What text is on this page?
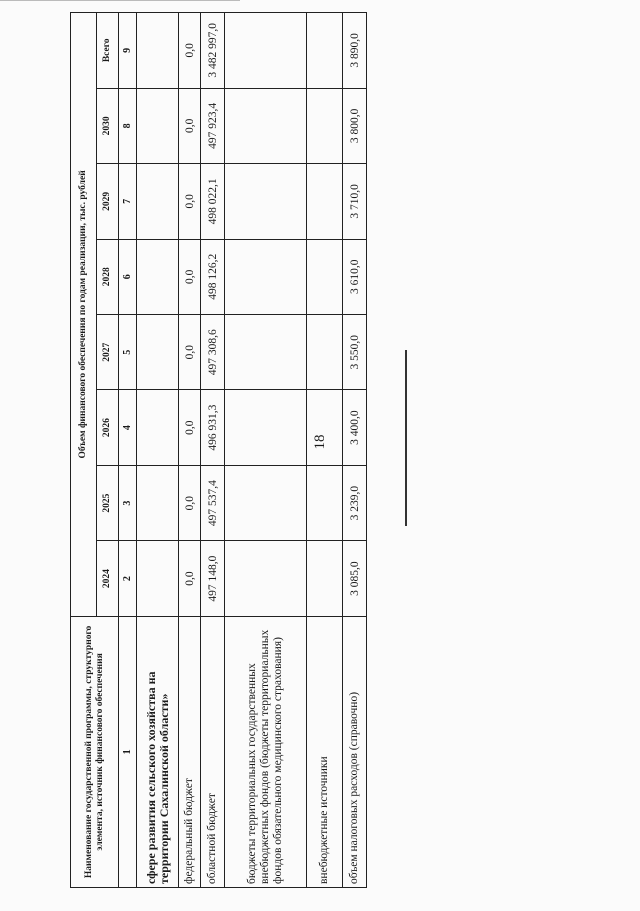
18
Наименование государственной программы, структурного элемента, источник финансового обеспечения	Объем финансового обеспечения по годам реализации, тыс. рублей							
	2024	2025	2026	2027	2028	2029	2030	Всего
1	2	3	4	5	6	7	8	9
сфере развития сельского хозяйства на территории Сахалинской области»								
федеральный бюджет	0,0	0,0	0,0	0,0	0,0	0,0	0,0	0,0
областной бюджет	497 148,0	497 537,4	496 931,3	497 308,6	498 126,2	498 022,1	497 923,4	3 482 997,0
бюджеты территориальных государственных внебюджетных фондов (бюджеты территориальных фондов обязательного медицинского страхования)								
внебюджетные источники								
объем налоговых расходов (справочно)	3 085,0	3 239,0	3 400,0	3 550,0	3 610,0	3 710,0	3 800,0	3 890,0
